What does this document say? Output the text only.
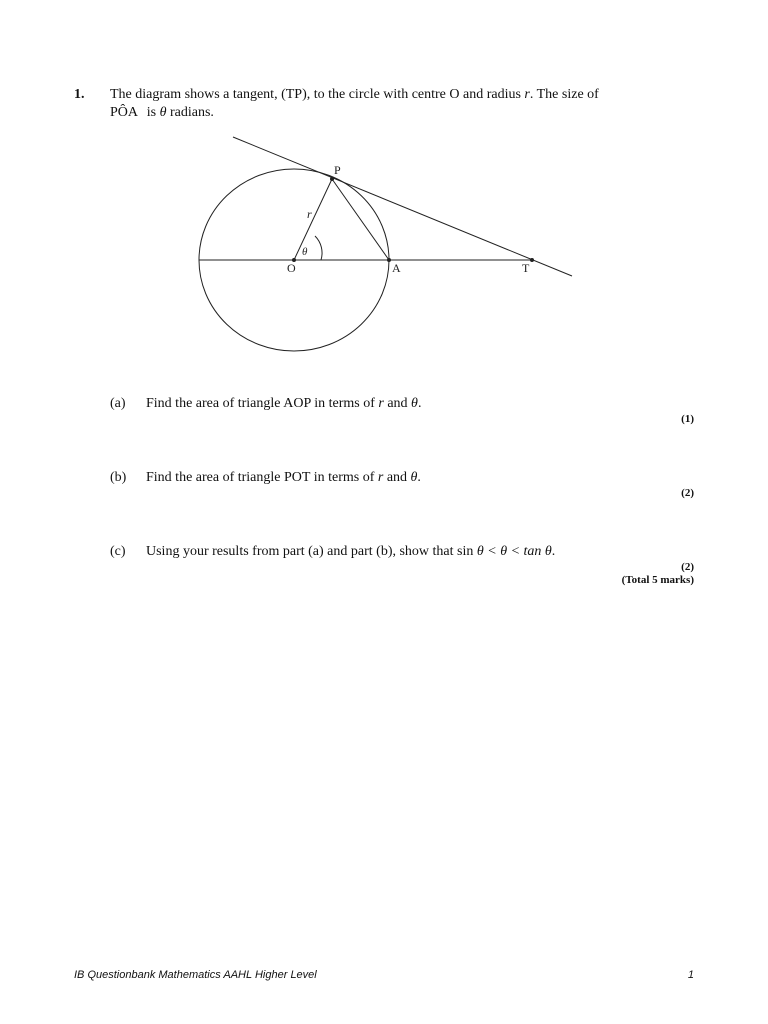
1. The diagram shows a tangent, (TP), to the circle with centre O and radius r. The size of
PÔA is θ radians.
P
O	A	T
r
θ
(a) Find the area of triangle AOP in terms of r and θ.
(1)
(b) Find the area of triangle POT in terms of r and θ.
(2)
(c) Using your results from part (a) and part (b), show that sin θ < θ < tan θ.
(2)
(Total 5 marks)
IB Questionbank Mathematics AAHL Higher Level	1
